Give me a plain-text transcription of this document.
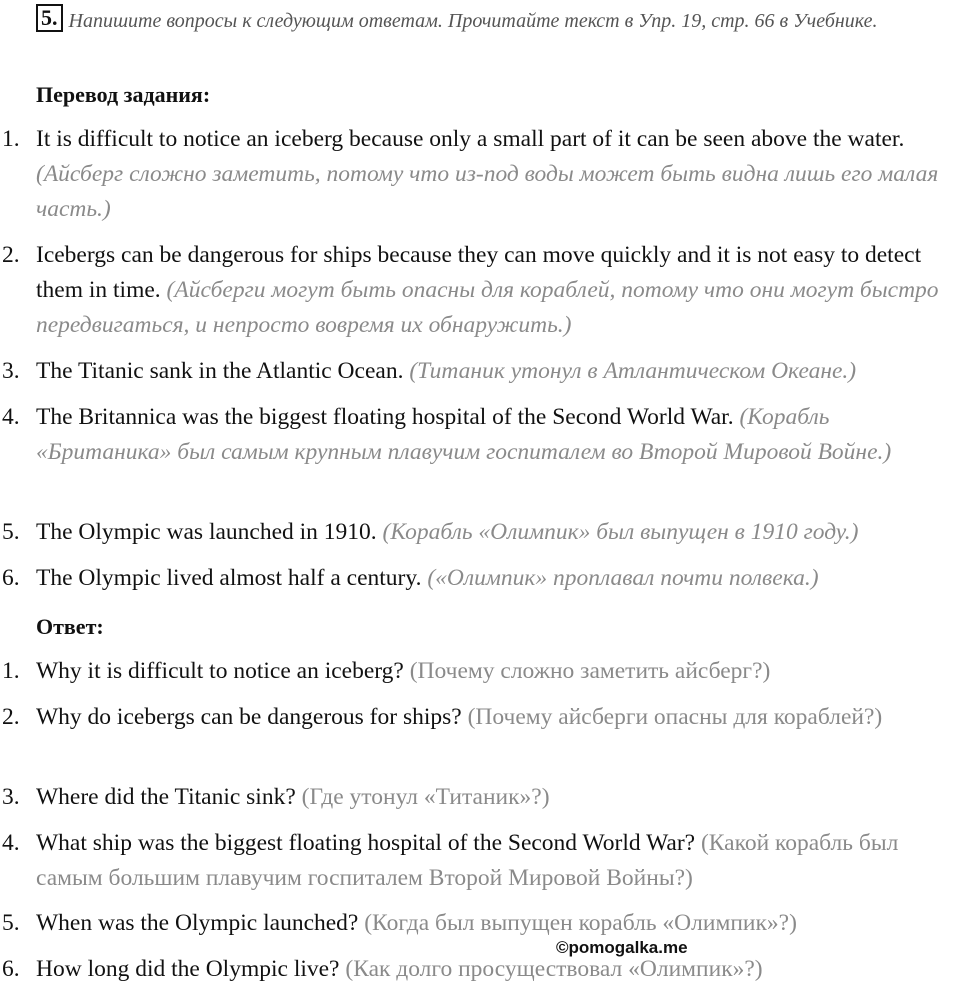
5. Напишите вопросы к следующим ответам. Прочитайте текст в Упр. 19, стр. 66 в Учебнике.
Перевод задания:
1. It is difficult to notice an iceberg because only a small part of it can be seen above the water. (Айсберг сложно заметить, потому что из-под воды может быть видна лишь его малая часть.)
2. Icebergs can be dangerous for ships because they can move quickly and it is not easy to detect them in time. (Айсберги могут быть опасны для кораблей, потому что они могут быстро передвигаться, и непросто вовремя их обнаружить.)
3. The Titanic sank in the Atlantic Ocean. (Титаник утонул в Атлантическом Океане.)
4. The Britannica was the biggest floating hospital of the Second World War. (Корабль «Британика» был самым крупным плавучим госпиталем во Второй Мировой Войне.)
5. The Olympic was launched in 1910. (Корабль «Олимпик» был выпущен в 1910 году.)
6. The Olympic lived almost half a century. («Олимпик» проплавал почти полвека.)
Ответ:
1. Why it is difficult to notice an iceberg? (Почему сложно заметить айсберг?)
2. Why do icebergs can be dangerous for ships? (Почему айсберги опасны для кораблей?)
3. Where did the Titanic sink? (Где утонул «Титаник»?)
4. What ship was the biggest floating hospital of the Second World War? (Какой корабль был самым большим плавучим госпиталем Второй Мировой Войны?)
5. When was the Olympic launched? (Когда был выпущен корабль «Олимпик»?)
©pomogalka.me
6. How long did the Olympic live? (Как долго просуществовал «Олимпик»?)
